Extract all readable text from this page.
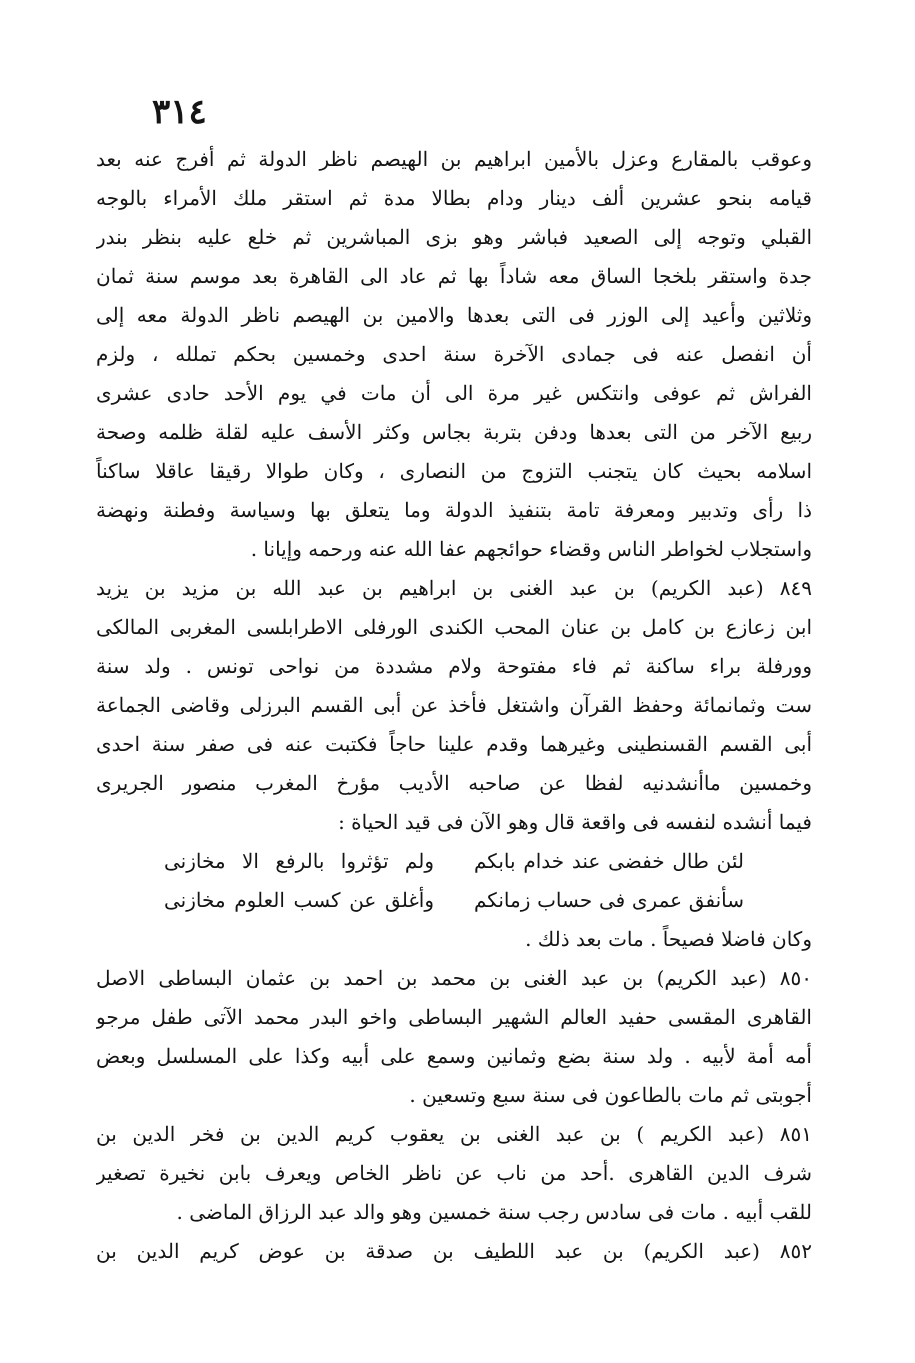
٣١٤
وعوقب بالمقارع وعزل بالأمين ابراهيم بن الهيصم ناظر الدولة ثم أفرج عنه بعد
قيامه بنحو عشرين ألف دينار ودام بطالا مدة ثم استقر ملك الأمراء بالوجه
القبلي وتوجه إلى الصعيد فباشر وهو بزى المباشرين ثم خلع عليه بنظر بندر
جدة واستقر بلخجا الساق معه شاداً بها ثم عاد الى القاهرة بعد موسم سنة ثمان
وثلاثين وأعيد إلى الوزر فى التى بعدها والامين بن الهيصم ناظر الدولة معه إلى
أن انفصل عنه فى جمادى الآخرة سنة احدى وخمسين بحكم تملله ، ولزم
الفراش ثم عوفى وانتكس غير مرة الى أن مات في يوم الأحد حادى عشرى
ربيع الآخر من التى بعدها ودفن بتربة بجاس وكثر الأسف عليه لقلة ظلمه وصحة
اسلامه بحيث كان يتجنب التزوج من النصارى ، وكان طوالا رقيقا عاقلا ساكناً
ذا رأى وتدبير ومعرفة تامة بتنفيذ الدولة وما يتعلق بها وسياسة وفطنة ونهضة
واستجلاب لخواطر الناس وقضاء حوائجهم عفا الله عنه ورحمه وإيانا .
٨٤٩ (عبد الكريم) بن عبد الغنى بن ابراهيم بن عبد الله بن مزيد بن يزيد
ابن زعازع بن كامل بن عنان المحب الكندى الورفلى الاطرابلسى المغربى المالكى
وورفلة براء ساكنة ثم فاء مفتوحة ولام مشددة من نواحى تونس . ولد سنة
ست وثمانمائة وحفظ القرآن واشتغل فأخذ عن أبى القسم البرزلى وقاضى الجماعة
أبى القسم القسنطينى وغيرهما وقدم علينا حاجاً فكتبت عنه فى صفر سنة احدى
وخمسين ماأنشدنيه لفظا عن صاحبه الأديب مؤرخ المغرب منصور الجريرى
فيما أنشده لنفسه فى واقعة قال وهو الآن فى قيد الحياة :
لئن طال خفضى عند خدام بابكم
ولم تؤثروا بالرفع الا مخازنى
سأنفق عمرى فى حساب زمانكم
وأغلق عن كسب العلوم مخازنى
وكان فاضلا فصيحاً . مات بعد ذلك .
٨٥٠ (عبد الكريم) بن عبد الغنى بن محمد بن احمد بن عثمان البساطى الاصل
القاهرى المقسى حفيد العالم الشهير البساطى واخو البدر محمد الآتى طفل مرجو
أمه أمة لأبيه . ولد سنة بضع وثمانين وسمع على أبيه وكذا على المسلسل وبعض
أجوبتى ثم مات بالطاعون فى سنة سبع وتسعين .
٨٥١ (عبد الكريم ) بن عبد الغنى بن يعقوب كريم الدين بن فخر الدين بن
شرف الدين القاهرى .أحد من ناب عن ناظر الخاص ويعرف بابن نخيرة تصغير
للقب أبيه . مات فى سادس رجب سنة خمسين وهو والد عبد الرزاق الماضى .
٨٥٢ (عبد الكريم) بن عبد اللطيف بن صدقة بن عوض كريم الدين بن
